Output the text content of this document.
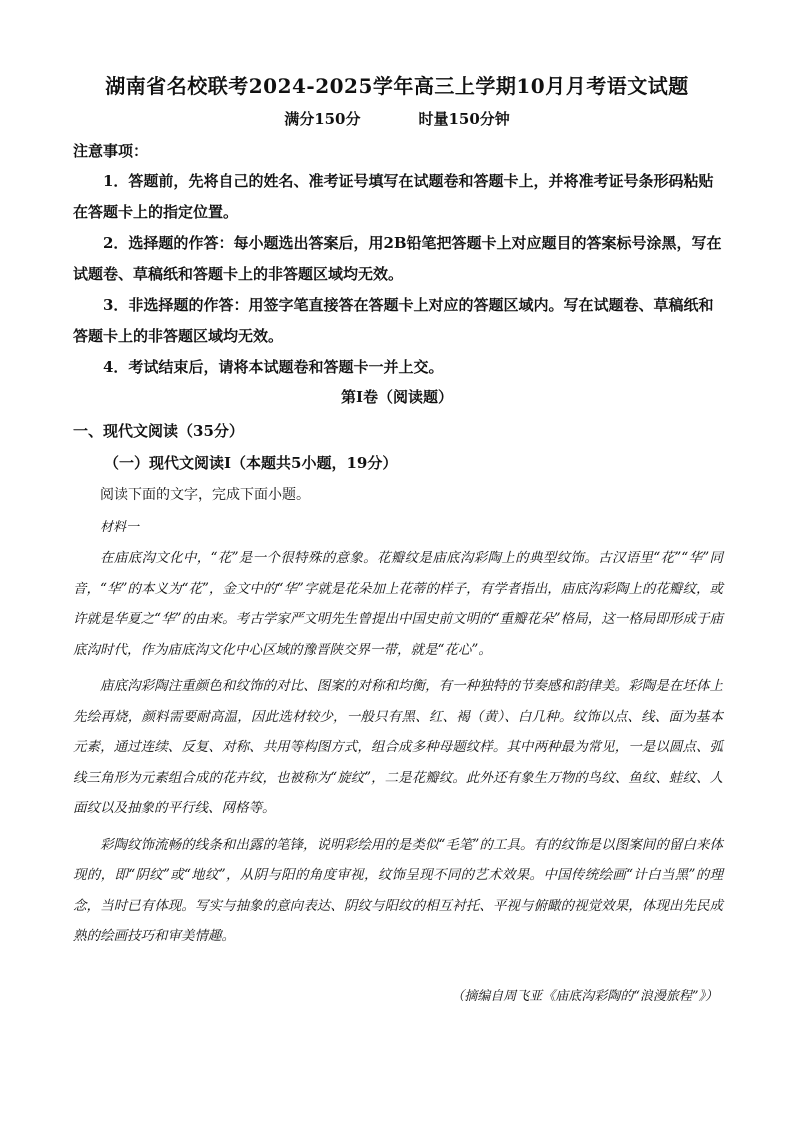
湖南省名校联考2024-2025学年高三上学期10月月考语文试题
满分150分	时量150分钟
注意事项：

1．答题前，先将自己的姓名、准考证号填写在试题卷和答题卡上，并将准考证号条形码粘贴在答题卡上的指定位置。

2．选择题的作答：每小题选出答案后，用2B铅笔把答题卡上对应题目的答案标号涂黑，写在试题卷、草稿纸和答题卡上的非答题区域均无效。

3．非选择题的作答：用签字笔直接答在答题卡上对应的答题区域内。写在试题卷、草稿纸和答题卡上的非答题区域均无效。

4．考试结束后，请将本试题卷和答题卡一并上交。

第Ⅰ卷（阅读题）
一、现代文阅读（35分）
（一）现代文阅读Ⅰ（本题共5小题，19分）
阅读下面的文字，完成下面小题。
材料一

在庙底沟文化中，“花”是一个很特殊的意象。花瓣纹是庙底沟彩陶上的典型纹饰。古汉语里“花”“华”同音，“华”的本义为“花”，金文中的“华”字就是花朵加上花蒂的样子，有学者指出，庙底沟彩陶上的花瓣纹，或许就是华夏之“华”的由来。考古学家严文明先生曾提出中国史前文明的“重瓣花朵”格局，这一格局即形成于庙底沟时代，作为庙底沟文化中心区域的豫晋陕交界一带，就是“花心”。

庙底沟彩陶注重颜色和纹饰的对比、图案的对称和均衡，有一种独特的节奏感和韵律美。彩陶是在坯体上先绘再烧，颜料需要耐高温，因此选材较少，一般只有黑、红、褐（黄）、白几种。纹饰以点、线、面为基本元素，通过连续、反复、对称、共用等构图方式，组合成多种母题纹样。其中两种最为常见，一是以圆点、弧线三角形为元素组合成的花卉纹，也被称为“旋纹”，二是花瓣纹。此外还有象生万物的鸟纹、鱼纹、蛙纹、人面纹以及抽象的平行线、网格等。

彩陶纹饰流畅的线条和出露的笔锋，说明彩绘用的是类似“毛笔”的工具。有的纹饰是以图案间的留白来体现的，即“阴纹”或“地纹”，从阴与阳的角度审视，纹饰呈现不同的艺术效果。中国传统绘画“计白当黑”的理念，当时已有体现。写实与抽象的意向表达、阴纹与阳纹的相互衬托、平视与俯瞰的视觉效果，体现出先民成熟的绘画技巧和审美情趣。

（摘编自周飞亚《庙底沟彩陶的“浪漫旅程”》）
